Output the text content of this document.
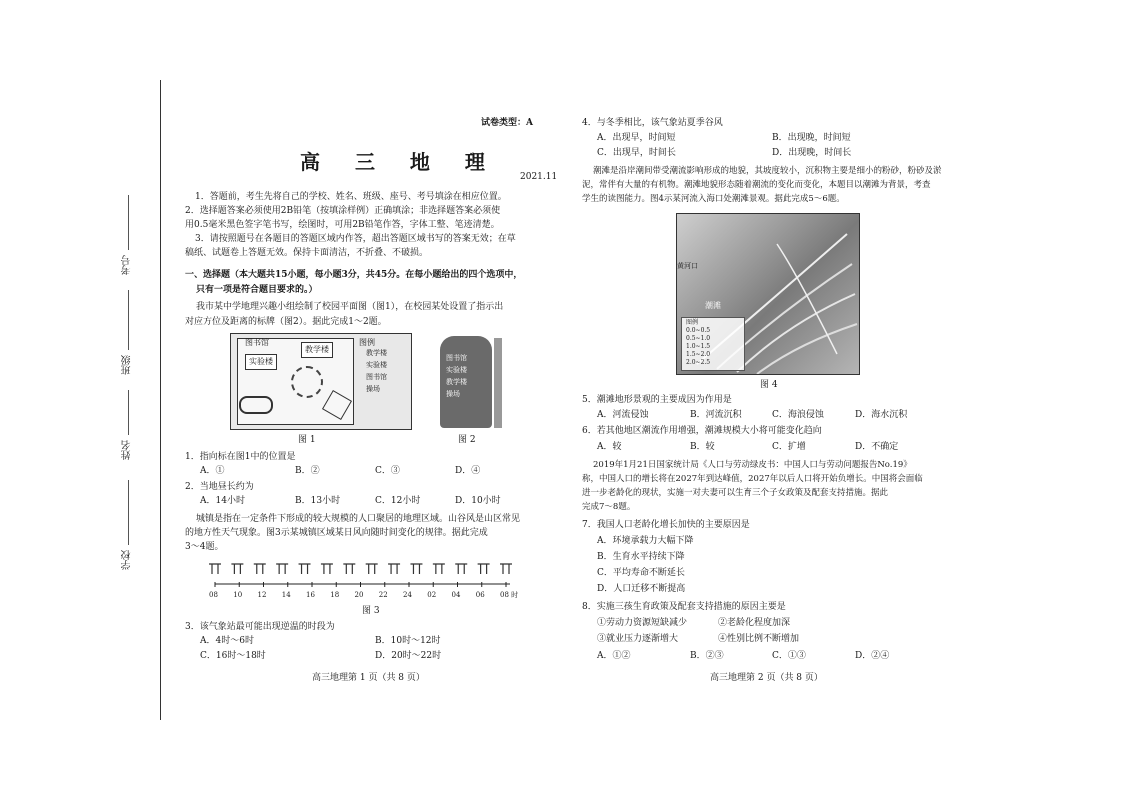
考号
班级
姓名
学校
试卷类型：A
高 三 地 理
2021.11
1．答题前，考生先将自己的学校、姓名、班级、座号、考号填涂在相应位置。
2．选择题答案必须使用2B铅笔（按填涂样例）正确填涂；非选择题答案必须使
用0.5毫米黑色签字笔书写，绘图时，可用2B铅笔作答，字体工整、笔迹清楚。
3．请按照题号在各题目的答题区域内作答，超出答题区域书写的答案无效；在草
稿纸、试题卷上答题无效。保持卡面清洁，不折叠、不破损。
一、选择题（本大题共15小题，每小题3分，共45分。在每小题给出的四个选项中，
只有一项是符合题目要求的。）
我市某中学地理兴趣小组绘制了校园平面图（图1），在校园某处设置了指示出
对应方位及距离的标牌（图2）。据此完成1～2题。
图书馆
实验楼
教学楼
图例
教学楼
实验楼
图书馆
操场
图 1
图书馆
实验楼
教学楼
操场
图 2
1．指向标在图1中的位置是
A．①	B．②	C．③	D．④
2．当地昼长约为
A．14小时	B．13小时	C．12小时	D．10小时
城镇是指在一定条件下形成的较大规模的人口聚居的地理区域。山谷风是山区常见
的地方性天气现象。图3示某城镇区域某日风向随时间变化的规律。据此完成
3～4题。
08 10 12 14 16 18 20 22 24 02 04 06 08 时
图 3
3．该气象站最可能出现逆温的时段为
A．4时～6时	B．10时～12时
C．16时～18时	D．20时～22时
高三地理第 1 页（共 8 页）
4．与冬季相比，该气象站夏季谷风
A．出现早，时间短	B．出现晚，时间短
C．出现早，时间长	D．出现晚，时间长
潮滩是沿岸潮间带受潮流影响形成的地貌，其坡度较小，沉积物主要是细小的粉砂，粉砂及淤
泥，常伴有大量的有机物。潮滩地貌形态随着潮流的变化而变化，本题目以潮滩为背景，考查
学生的读图能力。图4示某河流入海口处潮滩景观。据此完成5～6题。
黄河口
潮滩
图例
0.0~0.5
0.5~1.0
1.0~1.5
1.5~2.0
2.0~2.5
图 4
5．潮滩地形景观的主要成因为作用是
A．河流侵蚀	B．河流沉积	C．海浪侵蚀	D．海水沉积
6．若其他地区潮流作用增强，潮滩规模大小将可能变化趋向
A．较	B．较	C．扩增	D．不确定
2019年1月21日国家统计局《人口与劳动绿皮书：中国人口与劳动问题报告No.19》
称，中国人口的增长将在2027年到达峰值，2027年以后人口将开始负增长。中国将会面临
进一步老龄化的现状，实施一对夫妻可以生育三个子女政策及配套支持措施。据此
完成7～8题。
7．我国人口老龄化增长加快的主要原因是
A．环境承载力大幅下降
B．生育水平持续下降
C．平均寿命不断延长
D．人口迁移不断提高
8．实施三孩生育政策及配套支持措施的原因主要是
①劳动力资源短缺减少	②老龄化程度加深
③就业压力逐渐增大	④性别比例不断增加
A．①②	B．②③	C．①③	D．②④
高三地理第 2 页（共 8 页）
